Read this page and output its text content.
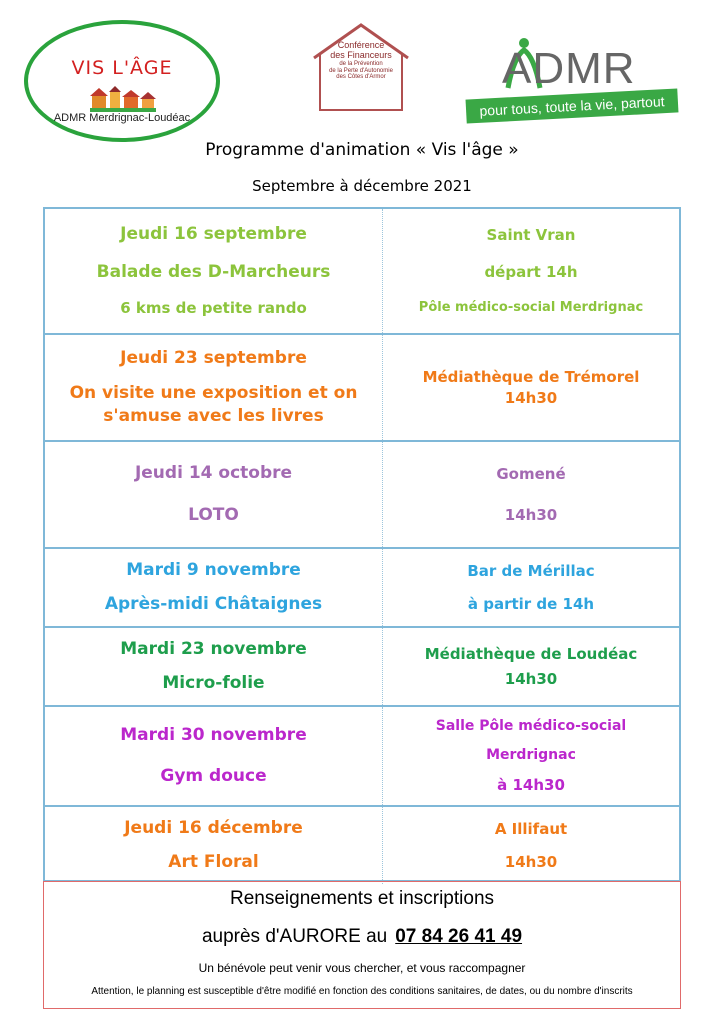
VIS L'ÂGE
ADMR Merdrignac-Loudéac
Conférence
des Financeurs
de la Prévention
de la Perte d'Autonomie
des Côtes d'Armor	ADMR
pour tous, toute la vie, partout
Programme d'animation « Vis l'âge »
Septembre à décembre 2021
Jeudi 16 septembre
Balade des D-Marcheurs
6 kms de petite rando
Saint Vran
départ 14h
Pôle médico-social Merdrignac
Jeudi 23 septembre
On visite une exposition et on
s'amuse avec les livres
Médiathèque de Trémorel
14h30
Jeudi 14 octobre
LOTO
Gomené
14h30
Mardi 9 novembre
Après-midi Châtaignes
Bar de Mérillac
à partir de 14h
Mardi 23 novembre
Micro-folie
Médiathèque de Loudéac
14h30
Mardi 30 novembre
Gym douce
Salle Pôle médico-social
Merdrignac
à 14h30
Jeudi 16 décembre
Art Floral
A Illifaut
14h30
Renseignements et inscriptions
auprès d'AURORE au 07 84 26 41 49
Un bénévole peut venir vous chercher, et vous raccompagner
Attention, le planning est susceptible d'être modifié en fonction des conditions sanitaires, de dates, ou du nombre d'inscrits
